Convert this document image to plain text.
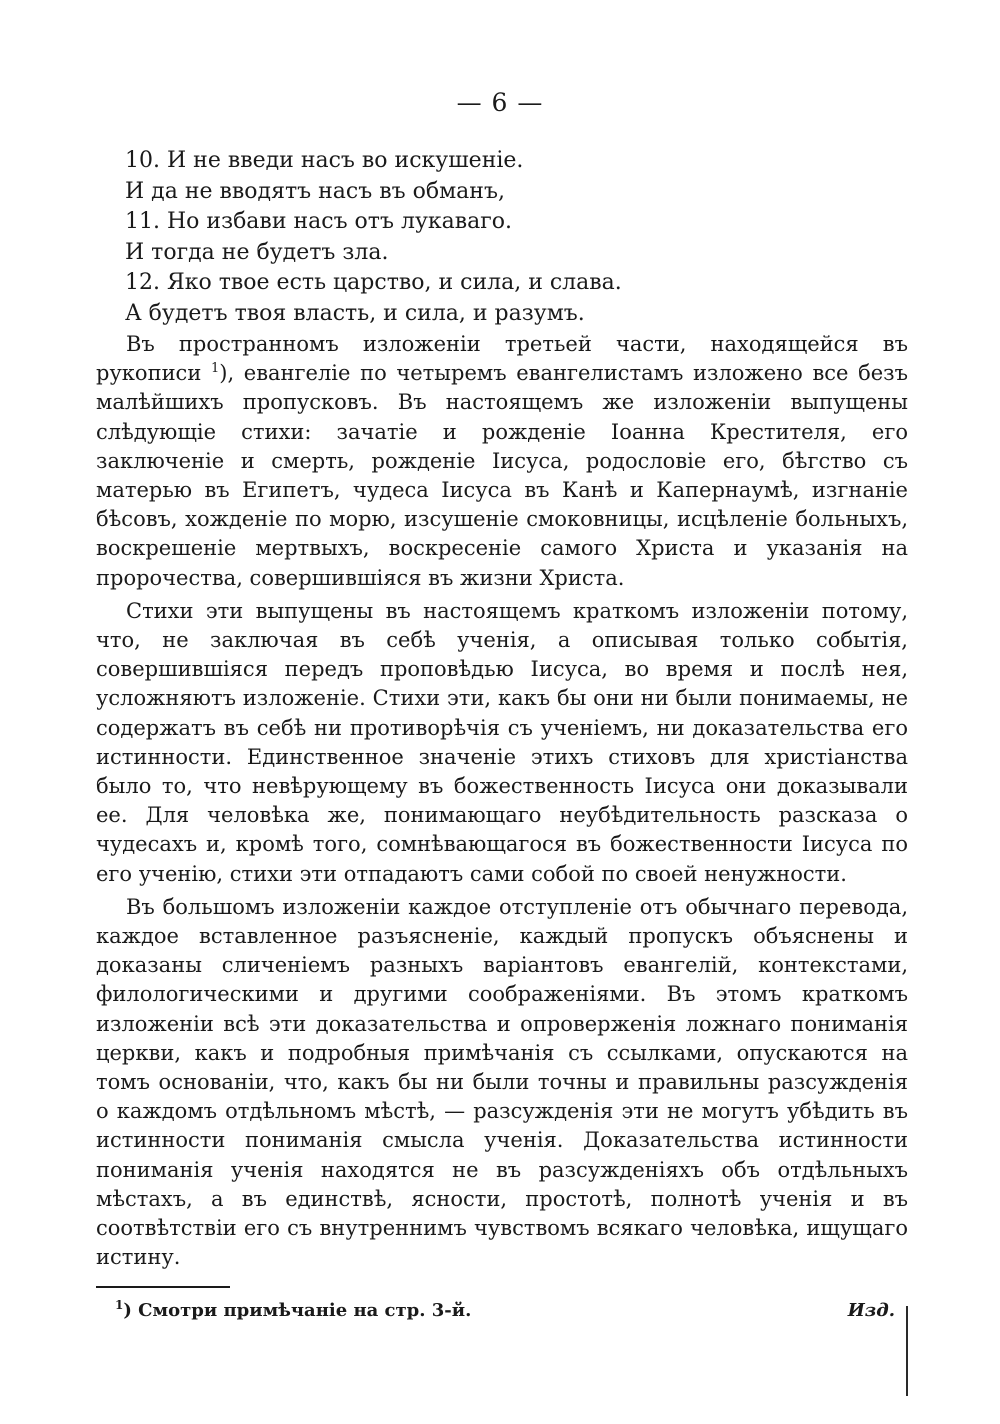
— 6 —
10. И не введи насъ во искушеніе.
И да не вводятъ насъ въ обманъ,
11. Но избави насъ отъ лукаваго.
И тогда не будетъ зла.
12. Яко твое есть царство, и сила, и слава.
А будетъ твоя власть, и сила, и разумъ.

Въ пространномъ изложеніи третьей части, находящейся въ рукописи $^1$), евангеліе по четыремъ евангелистамъ изложено все безъ малѣйшихъ пропусковъ. Въ настоящемъ же изложеніи выпущены слѣдующіе стихи: зачатіе и рожденіе Іоанна Крестителя, его заключеніе и смерть, рожденіе Іисуса, родословіе его, бѣгство съ матерью въ Египетъ, чудеса Іисуса въ Канѣ и Капернаумѣ, изгнаніе бѣсовъ, хожденіе по морю, изсушеніе смоковницы, исцѣленіе больныхъ, воскрешеніе мертвыхъ, воскресеніе самого Христа и указанія на пророчества, совершившіяся въ жизни Христа.

Стихи эти выпущены въ настоящемъ краткомъ изложеніи потому, что, не заключая въ себѣ ученія, а описывая только событія, совершившіяся передъ проповѣдью Іисуса, во время и послѣ нея, усложняютъ изложеніе. Стихи эти, какъ бы они ни были понимаемы, не содержатъ въ себѣ ни противорѣчія съ ученіемъ, ни доказательства его истинности. Единственное значеніе этихъ стиховъ для христіанства было то, что невѣрующему въ божественность Іисуса они доказывали ее. Для человѣка же, понимающаго неубѣдительность разсказа о чудесахъ и, кромѣ того, сомнѣвающагося въ божественности Іисуса по его ученію, стихи эти отпадаютъ сами собой по своей ненужности.

Въ большомъ изложеніи каждое отступленіе отъ обычнаго перевода, каждое вставленное разъясненіе, каждый пропускъ объяснены и доказаны сличеніемъ разныхъ варіантовъ евангелій, контекстами, филологическими и другими соображеніями. Въ этомъ краткомъ изложеніи всѣ эти доказательства и опроверженія ложнаго пониманія церкви, какъ и подробныя примѣчанія съ ссылками, опускаются на томъ основаніи, что, какъ бы ни были точны и правильны разсужденія о каждомъ отдѣльномъ мѣстѣ, — разсужденія эти не могутъ убѣдить въ истинности пониманія смысла ученія. Доказательства истинности пониманія ученія находятся не въ разсужденіяхъ объ отдѣльныхъ мѣстахъ, а въ единствѣ, ясности, простотѣ, полнотѣ ученія и въ соотвѣтствіи его съ внутреннимъ чувствомъ всякаго человѣка, ищущаго истину.

$^1$) Смотри примѣчаніе на стр. 3-й.	Изд.
